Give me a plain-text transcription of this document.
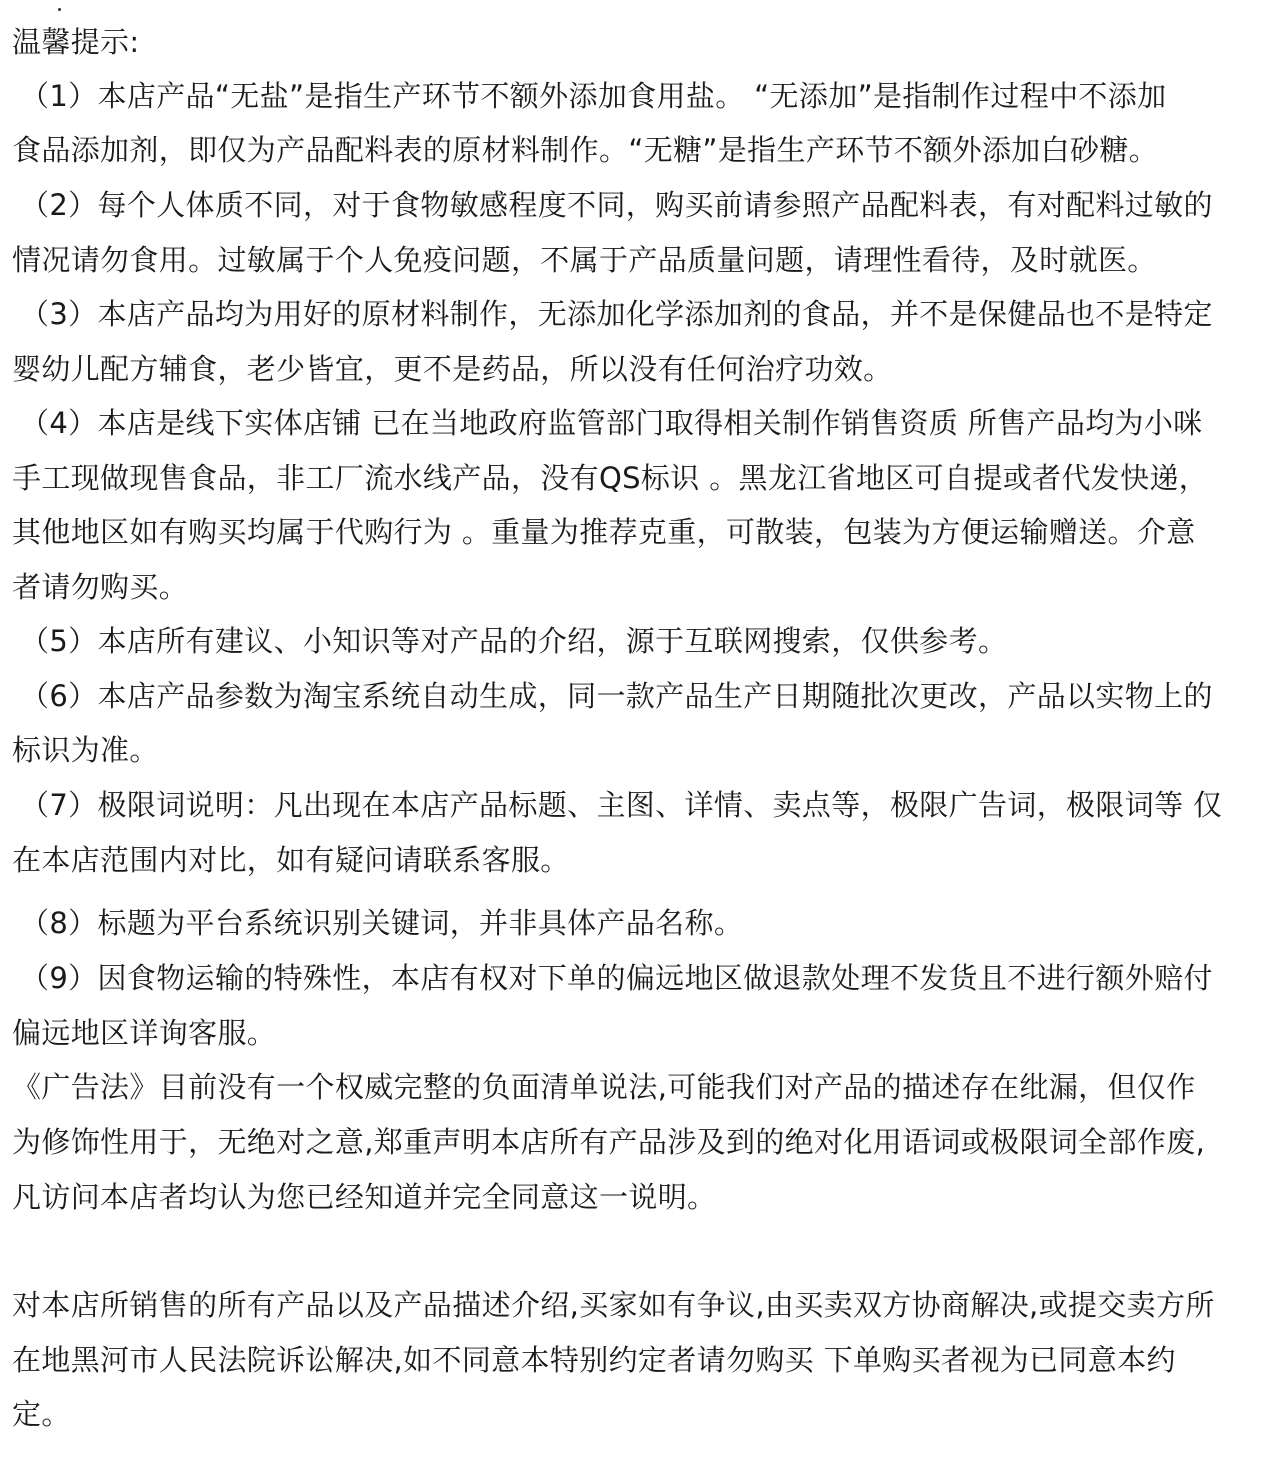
温馨提示:
（1）本店产品“无盐”是指生产环节不额外添加食用盐。 “无添加”是指制作过程中不添加
食品添加剂，即仅为产品配料表的原材料制作。“无糖”是指生产环节不额外添加白砂糖。
（2）每个人体质不同，对于食物敏感程度不同，购买前请参照产品配料表，有对配料过敏的
情况请勿食用。过敏属于个人免疫问题，不属于产品质量问题，请理性看待，及时就医。
（3）本店产品均为用好的原材料制作，无添加化学添加剂的食品，并不是保健品也不是特定
婴幼儿配方辅食，老少皆宜，更不是药品，所以没有任何治疗功效。
（4）本店是线下实体店铺 已在当地政府监管部门取得相关制作销售资质 所售产品均为小咪
手工现做现售食品，非工厂流水线产品，没有QS标识 。黑龙江省地区可自提或者代发快递，
其他地区如有购买均属于代购行为 。重量为推荐克重，可散装，包装为方便运输赠送。介意
者请勿购买。
（5）本店所有建议、小知识等对产品的介绍，源于互联网搜索，仅供参考。
（6）本店产品参数为淘宝系统自动生成，同一款产品生产日期随批次更改，产品以实物上的
标识为准。
（7）极限词说明：凡出现在本店产品标题、主图、详情、卖点等，极限广告词，极限词等 仅
在本店范围内对比，如有疑问请联系客服。
（8）标题为平台系统识别关键词，并非具体产品名称。
（9）因食物运输的特殊性，本店有权对下单的偏远地区做退款处理不发货且不进行额外赔付
偏远地区详询客服。
《广告法》目前没有一个权威完整的负面清单说法,可能我们对产品的描述存在纰漏，但仅作
为修饰性用于，无绝对之意,郑重声明本店所有产品涉及到的绝对化用语词或极限词全部作废,
凡访问本店者均认为您已经知道并完全同意这一说明。
对本店所销售的所有产品以及产品描述介绍,买家如有争议,由买卖双方协商解决,或提交卖方所
在地黑河市人民法院诉讼解决,如不同意本特别约定者请勿购买 下单购买者视为已同意本约
定。
